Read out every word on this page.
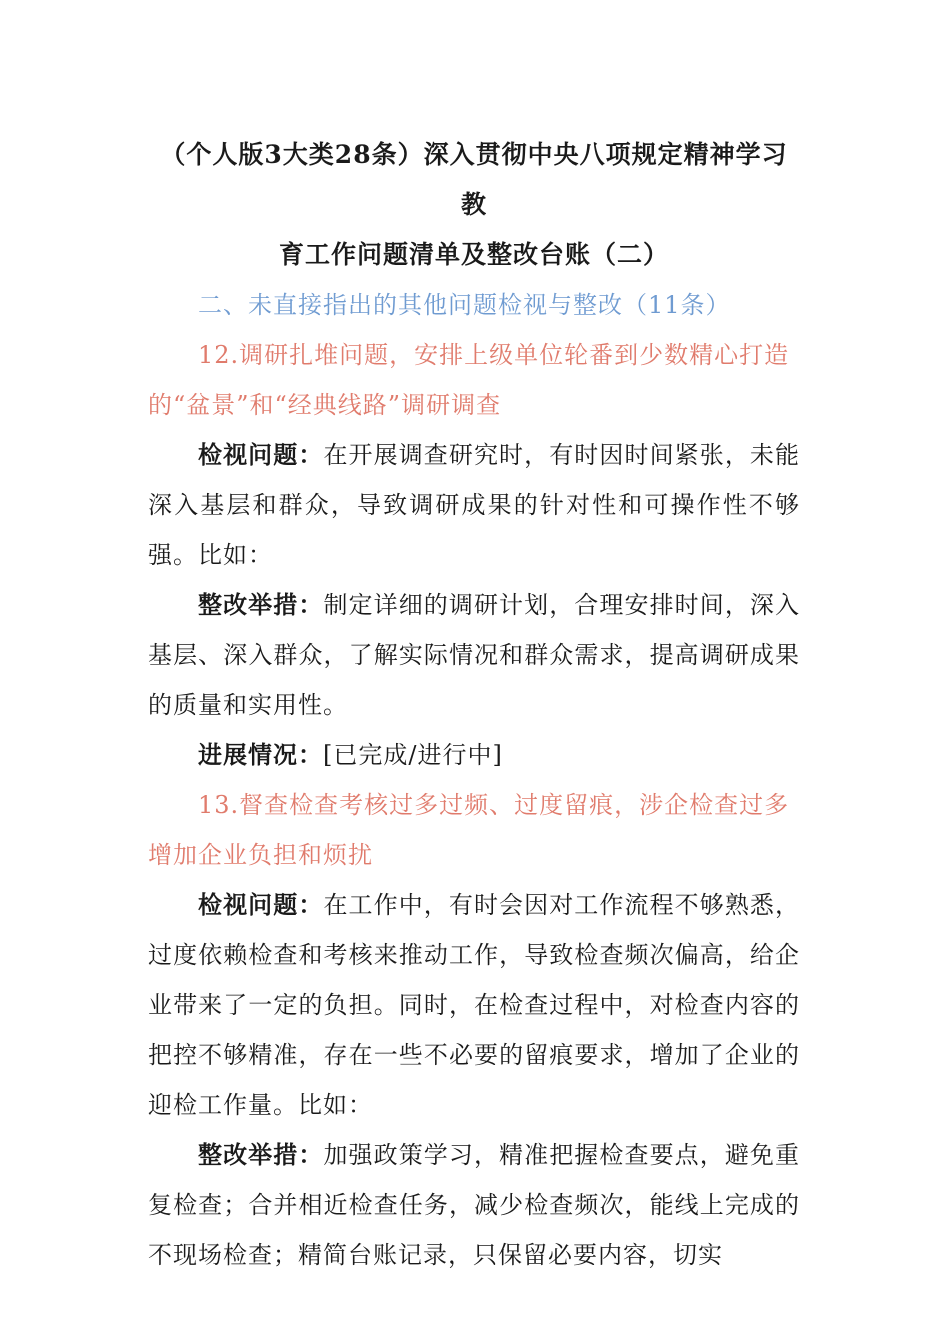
（个人版3大类28条）深入贯彻中央八项规定精神学习教
育工作问题清单及整改台账（二）

二、未直接指出的其他问题检视与整改（11条）

12.调研扎堆问题，安排上级单位轮番到少数精心打造的“盆景”和“经典线路”调研调查

检视问题：在开展调查研究时，有时因时间紧张，未能深入基层和群众，导致调研成果的针对性和可操作性不够强。比如：

整改举措：制定详细的调研计划，合理安排时间，深入基层、深入群众，了解实际情况和群众需求，提高调研成果的质量和实用性。

进展情况：[已完成/进行中]

13.督查检查考核过多过频、过度留痕，涉企检查过多增加企业负担和烦扰

检视问题：在工作中，有时会因对工作流程不够熟悉，过度依赖检查和考核来推动工作，导致检查频次偏高，给企业带来了一定的负担。同时，在检查过程中，对检查内容的把控不够精准，存在一些不必要的留痕要求，增加了企业的迎检工作量。比如：

整改举措：加强政策学习，精准把握检查要点，避免重复检查；合并相近检查任务，减少检查频次，能线上完成的不现场检查；精简台账记录，只保留必要内容，切实
